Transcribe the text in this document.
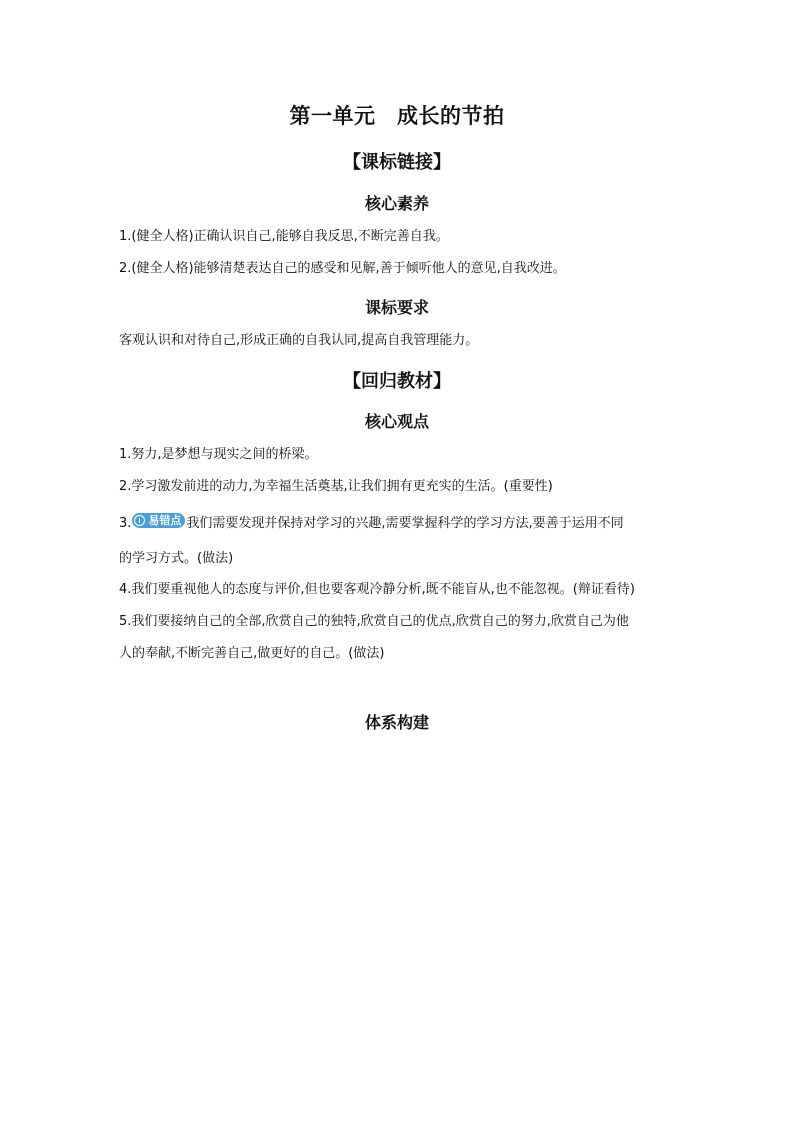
第一单元　成长的节拍
【课标链接】
核心素养
1.(健全人格)正确认识自己,能够自我反思,不断完善自我。
2.(健全人格)能够清楚表达自己的感受和见解,善于倾听他人的意见,自我改进。
课标要求
客观认识和对待自己,形成正确的自我认同,提高自我管理能力。
【回归教材】
核心观点
1.努力,是梦想与现实之间的桥梁。
2.学习激发前进的动力,为幸福生活奠基,让我们拥有更充实的生活。(重要性)
3. 易错点 我们需要发现并保持对学习的兴趣,需要掌握科学的学习方法,要善于运用不同
的学习方式。(做法)
4.我们要重视他人的态度与评价,但也要客观冷静分析,既不能盲从,也不能忽视。(辩证看待)
5.我们要接纳自己的全部,欣赏自己的独特,欣赏自己的优点,欣赏自己的努力,欣赏自己为他
人的奉献,不断完善自己,做更好的自己。(做法)
体系构建
